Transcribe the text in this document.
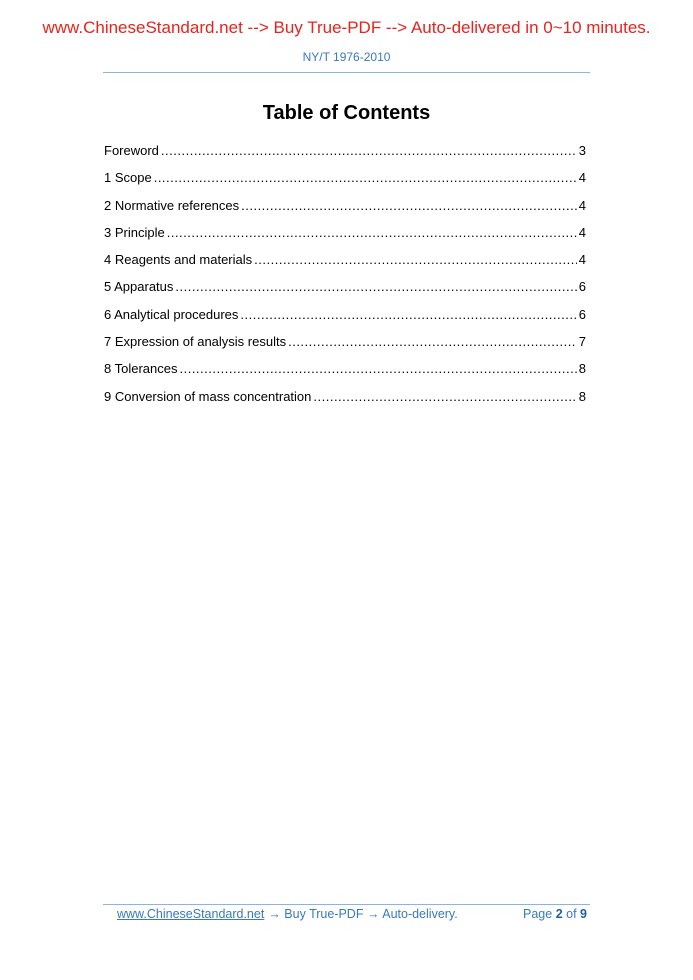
www.ChineseStandard.net --> Buy True-PDF --> Auto-delivered in 0~10 minutes.
NY/T 1976-2010
Table of Contents
Foreword .....	3
1 Scope .....	4
2 Normative references .....	4
3 Principle .....	4
4 Reagents and materials .....	4
5 Apparatus .....	6
6 Analytical procedures .....	6
7 Expression of analysis results .....	7
8 Tolerances .....	8
9 Conversion of mass concentration .....	8
www.ChineseStandard.net → Buy True-PDF → Auto-delivery.	Page 2 of 9
